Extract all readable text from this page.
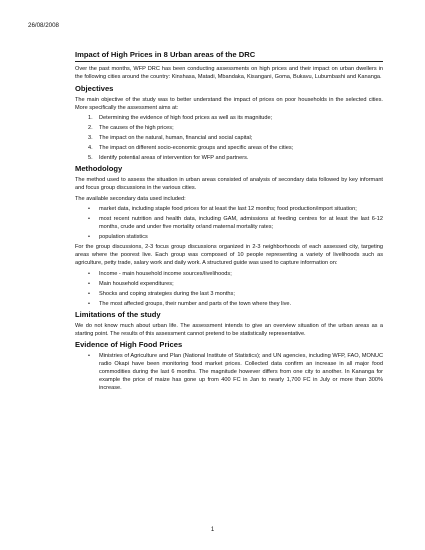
26/08/2008
Impact of High Prices in 8 Urban areas of the DRC

Over the past months, WFP DRC has been conducting assessments on high prices and their impact on urban dwellers in the following cities around the country: Kinshasa, Matadi, Mbandaka, Kisangani, Goma, Bukavu, Lubumbashi and Kananga.

Objectives

The main objective of the study was to better understand the impact of prices on poor households in the selected cities. More specifically the assessment aims at:

1. Determining the evidence of high food prices as well as its magnitude;
2. The causes of the high prices;
3. The impact on the natural, human, financial and social capital;
4. The impact on different socio-economic groups and specific areas of the cities;
5. Identify potential areas of intervention for WFP and partners.
Methodology

The method used to assess the situation in urban areas consisted of analysis of secondary data followed by key informant and focus group discussions in the various cities.

The available secondary data used included:

• market data, including staple food prices for at least the last 12 months; food production/import situation;
• most recent nutrition and health data, including GAM, admissions at feeding centres for at least the last 6-12 months, crude and under five mortality or/and maternal mortality rates;
• population statistics

For the group discussions, 2-3 focus group discussions organized in 2-3 neighborhoods of each assessed city, targeting areas where the poorest live. Each group was composed of 10 people representing a variety of livelihoods such as agriculture, petty trade, salary work and daily work. A structured guide was used to capture information on:

• Income - main household income sources/livelihoods;
• Main household expenditures;
• Shocks and coping strategies during the last 3 months;
• The most affected groups, their number and parts of the town where they live.
Limitations of the study

We do not know much about urban life. The assessment intends to give an overview situation of the urban areas as a starting point. The results of this assessment cannot pretend to be statistically representative.

Evidence of High Food Prices
• Ministries of Agriculture and Plan (National Institute of Statistics); and UN agencies, including WFP, FAO, MONUC radio Okapi have been monitoring food market prices. Collected data confirm an increase in all major food commodities during the last 6 months. The magnitude however differs from one city to another. In Kananga for example the price of maize has gone up from 400 FC in Jan to nearly 1,700 FC in July or more than 300% increase.
1
